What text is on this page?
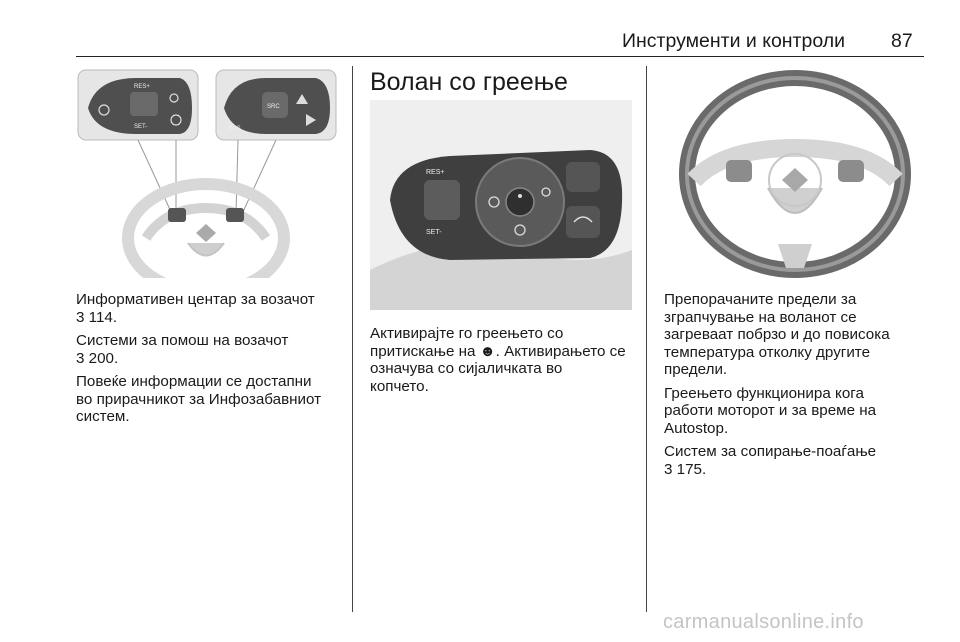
Инструменти и контроли 87
RES+
SET-
SRC
GPS

Информативен центар за возачот
3 114.

Системи за помош на возачот
3 200.

Повеќе информации се достапни
во прирачникот за Инфозабавниот
систем.

Волан со греење
RES+
SET-

Активирајте го греењето со
притискање на ☻. Активирањето се
означува со сијаличката во
копчето.

Препорачаните предели за
зграпчување на воланот се
загреваат побрзо и до повисока
температура отколку другите
предели.

Греењето функционира кога
работи моторот и за време на
Autostop.

Систем за сопирање-поаѓање
3 175.

carmanualsonline.info
